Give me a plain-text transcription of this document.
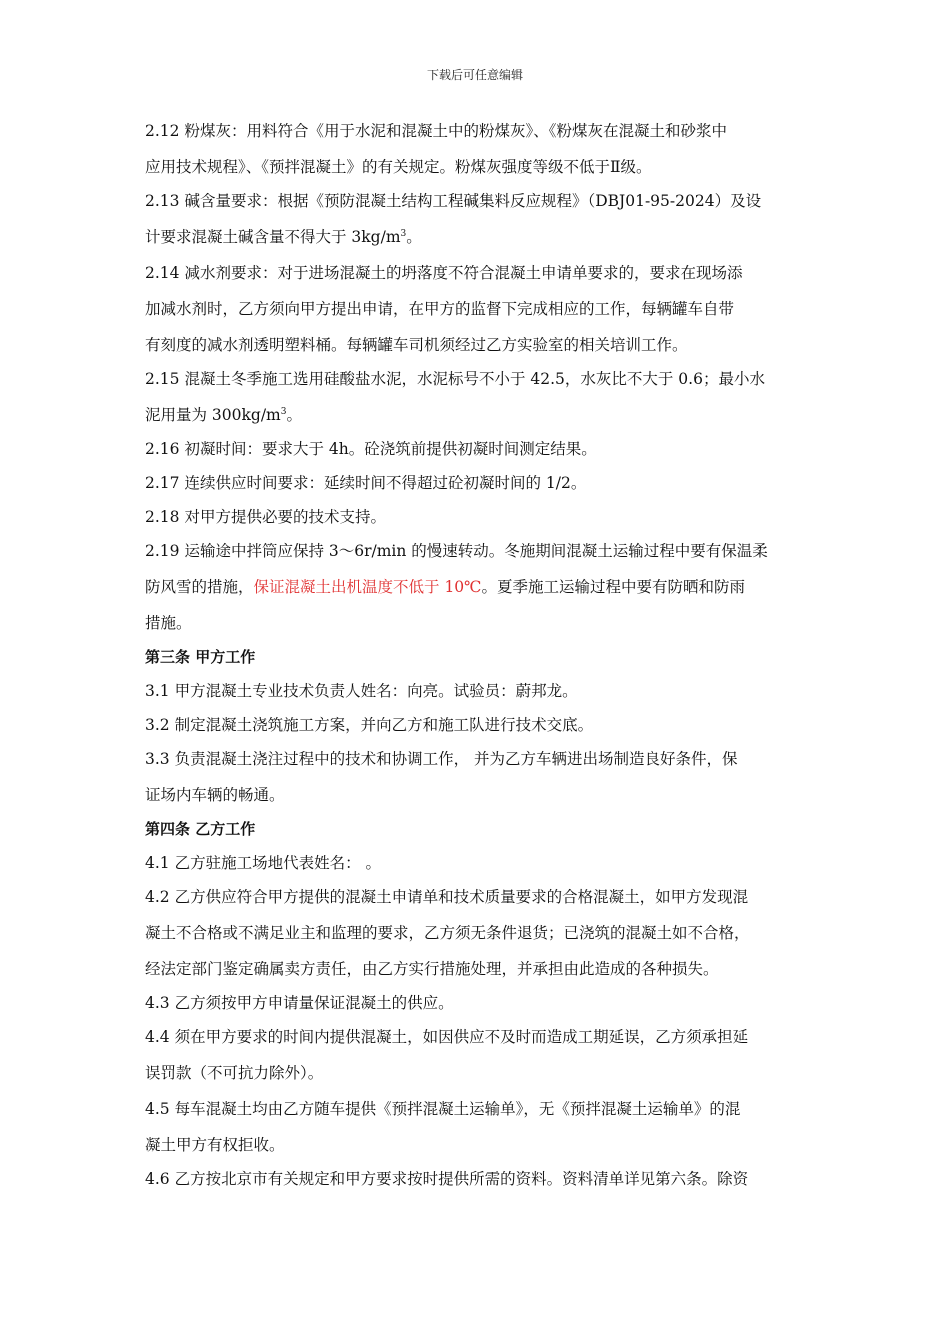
下载后可任意编辑
2.12 粉煤灰：用料符合《用于水泥和混凝土中的粉煤灰》、《粉煤灰在混凝土和砂浆中
应用技术规程》、《预拌混凝土》的有关规定。粉煤灰强度等级不低于Ⅱ级。
2.13 碱含量要求：根据《预防混凝土结构工程碱集料反应规程》（DBJ01-95-2024）及设
计要求混凝土碱含量不得大于 $3kg/m^3$。
2.14 减水剂要求：对于进场混凝土的坍落度不符合混凝土申请单要求的，要求在现场添
加减水剂时，乙方须向甲方提出申请，在甲方的监督下完成相应的工作，每辆罐车自带
有刻度的减水剂透明塑料桶。每辆罐车司机须经过乙方实验室的相关培训工作。
2.15 混凝土冬季施工选用硅酸盐水泥，水泥标号不小于 42.5，水灰比不大于 0.6；最小水
泥用量为 $300kg/m^3$。
2.16 初凝时间：要求大于 4h。砼浇筑前提供初凝时间测定结果。
2.17 连续供应时间要求：延续时间不得超过砼初凝时间的 1/2。
2.18 对甲方提供必要的技术支持。
2.19 运输途中拌筒应保持 3～6r/min 的慢速转动。冬施期间混凝土运输过程中要有保温柔
防风雪的措施，保证混凝土出机温度不低于 10℃。夏季施工运输过程中要有防晒和防雨
措施。
第三条 甲方工作
3.1 甲方混凝土专业技术负责人姓名：向亮。试验员：蔚邦龙。
3.2 制定混凝土浇筑施工方案，并向乙方和施工队进行技术交底。
3.3 负责混凝土浇注过程中的技术和协调工作， 并为乙方车辆进出场制造良好条件，保
证场内车辆的畅通。
第四条 乙方工作
4.1 乙方驻施工场地代表姓名： 。
4.2 乙方供应符合甲方提供的混凝土申请单和技术质量要求的合格混凝土，如甲方发现混
凝土不合格或不满足业主和监理的要求，乙方须无条件退货；已浇筑的混凝土如不合格，
经法定部门鉴定确属卖方责任，由乙方实行措施处理，并承担由此造成的各种损失。
4.3 乙方须按甲方申请量保证混凝土的供应。
4.4 须在甲方要求的时间内提供混凝土，如因供应不及时而造成工期延误，乙方须承担延
误罚款（不可抗力除外）。
4.5 每车混凝土均由乙方随车提供《预拌混凝土运输单》，无《预拌混凝土运输单》的混
凝土甲方有权拒收。
4.6 乙方按北京市有关规定和甲方要求按时提供所需的资料。资料清单详见第六条。除资
